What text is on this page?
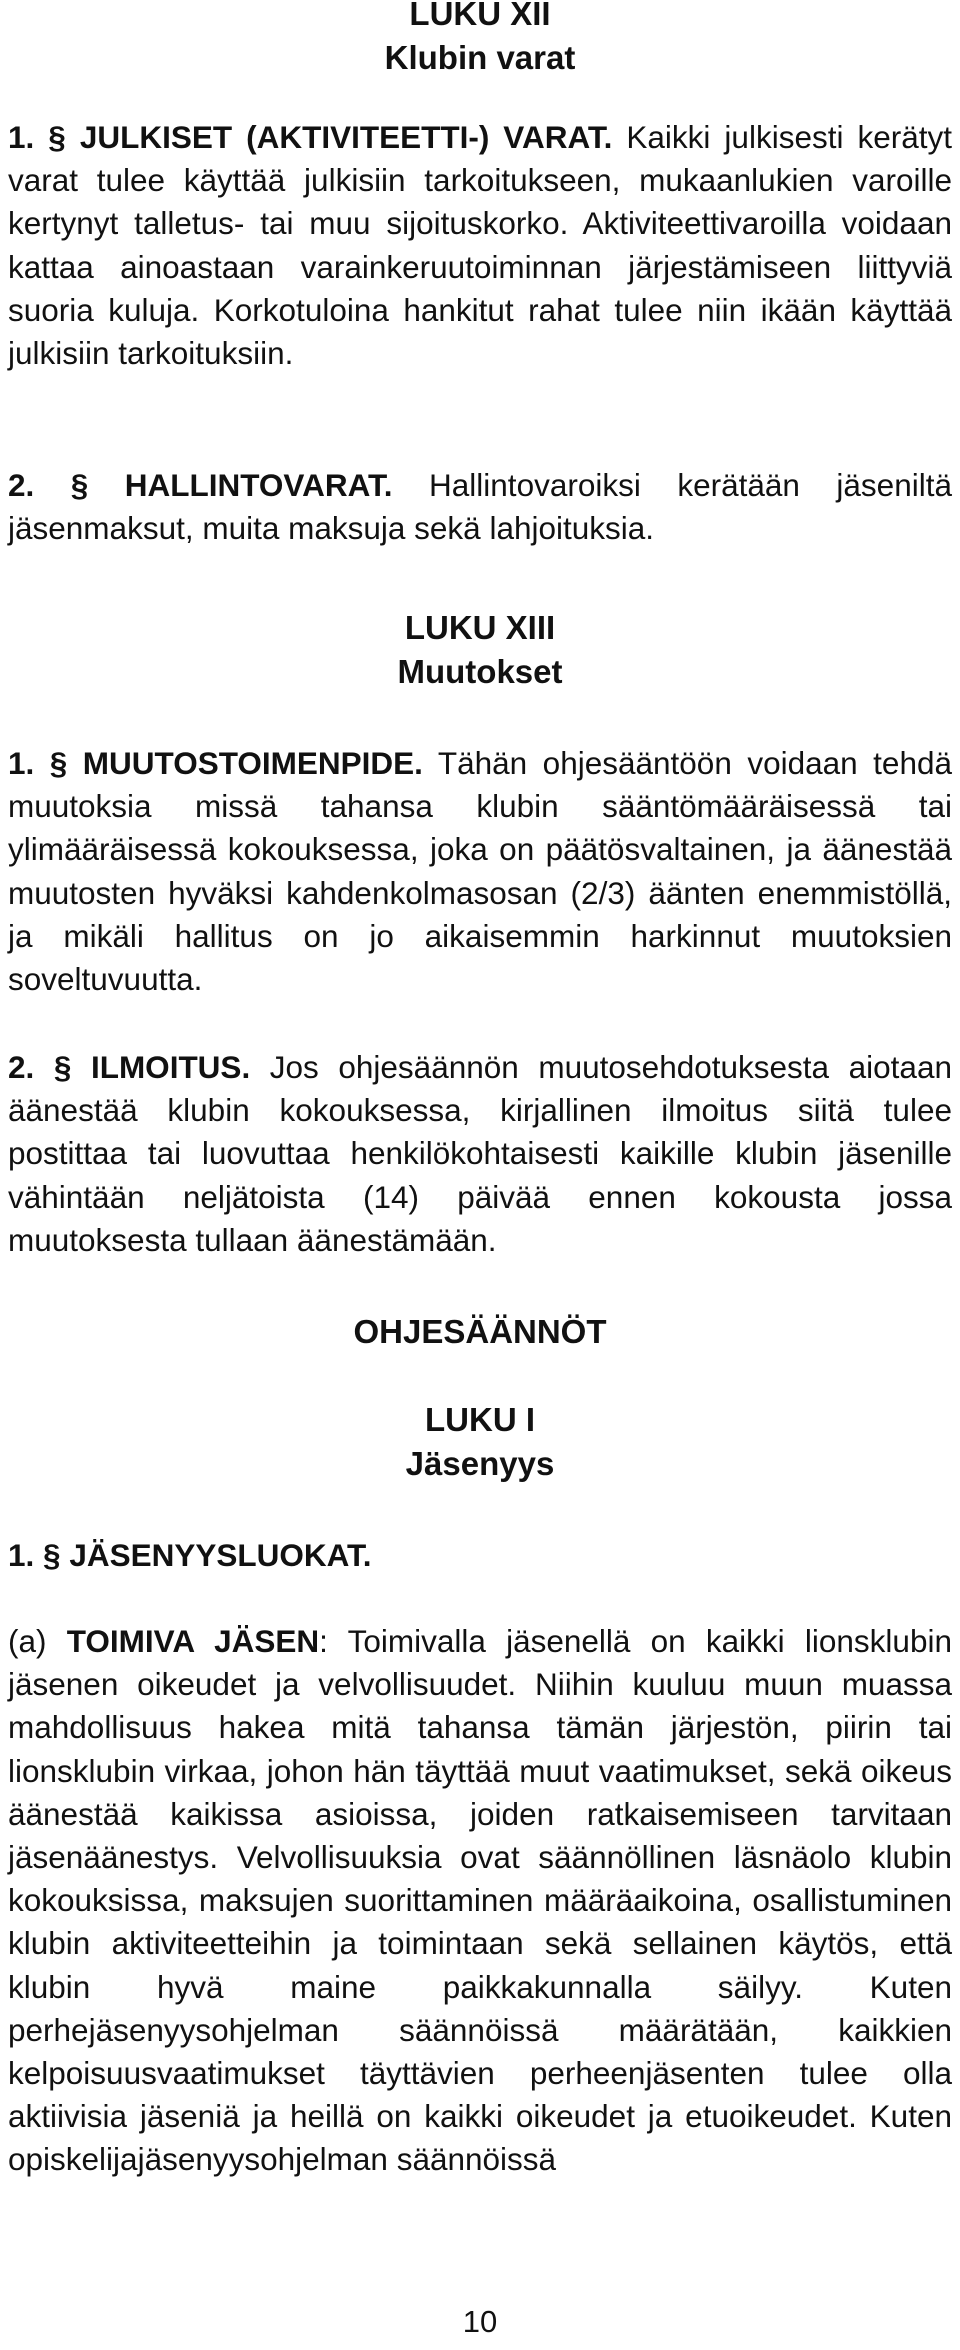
LUKU XII
Klubin varat

1. § JULKISET (AKTIVITEETTI-) VARAT. Kaikki julkisesti kerätyt varat tulee käyttää julkisiin tarkoitukseen, mukaanlukien varoille kertynyt talletus- tai muu sijoituskorko. Aktiviteettivaroilla voidaan kattaa ainoastaan varainkeruutoiminnan järjestämiseen liittyviä suoria kuluja. Korkotuloina hankitut rahat tulee niin ikään käyttää julkisiin tarkoituksiin.

2. § HALLINTOVARAT. Hallintovaroiksi kerätään jäseniltä jäsenmaksut, muita maksuja sekä lahjoituksia.

LUKU XIII
Muutokset

1. § MUUTOSTOIMENPIDE. Tähän ohjesääntöön voidaan tehdä muutoksia missä tahansa klubin sääntömääräisessä tai ylimääräisessä kokouksessa, joka on päätösvaltainen, ja äänestää muutosten hyväksi kahdenkolmasosan (2/3) äänten enemmistöllä, ja mikäli hallitus on jo aikaisemmin harkinnut muutoksien soveltuvuutta.

2. § ILMOITUS. Jos ohjesäännön muutosehdotuksesta aiotaan äänestää klubin kokouksessa, kirjallinen ilmoitus siitä tulee postittaa tai luovuttaa henkilökohtaisesti kaikille klubin jäsenille vähintään neljätoista (14) päivää ennen kokousta jossa muutoksesta tullaan äänestämään.

OHJESÄÄNNÖT
LUKU I
Jäsenyys

1. § JÄSENYYSLUOKAT.

(a) TOIMIVA JÄSEN: Toimivalla jäsenellä on kaikki lionsklubin jäsenen oikeudet ja velvollisuudet. Niihin kuuluu muun muassa mahdollisuus hakea mitä tahansa tämän järjestön, piirin tai lionsklubin virkaa, johon hän täyttää muut vaatimukset, sekä oikeus äänestää kaikissa asioissa, joiden ratkaisemiseen tarvitaan jäsenäänestys. Velvollisuuksia ovat säännöllinen läsnäolo klubin kokouksissa, maksujen suorittaminen määräaikoina, osallistuminen klubin aktiviteetteihin ja toimintaan sekä sellainen käytös, että klubin hyvä maine paikkakunnalla säilyy. Kuten perhejäsenyysohjelman säännöissä määrätään, kaikkien kelpoisuusvaatimukset täyttävien perheenjäsenten tulee olla aktiivisia jäseniä ja heillä on kaikki oikeudet ja etuoikeudet. Kuten opiskelijajäsenyysohjelman säännöissä

10
